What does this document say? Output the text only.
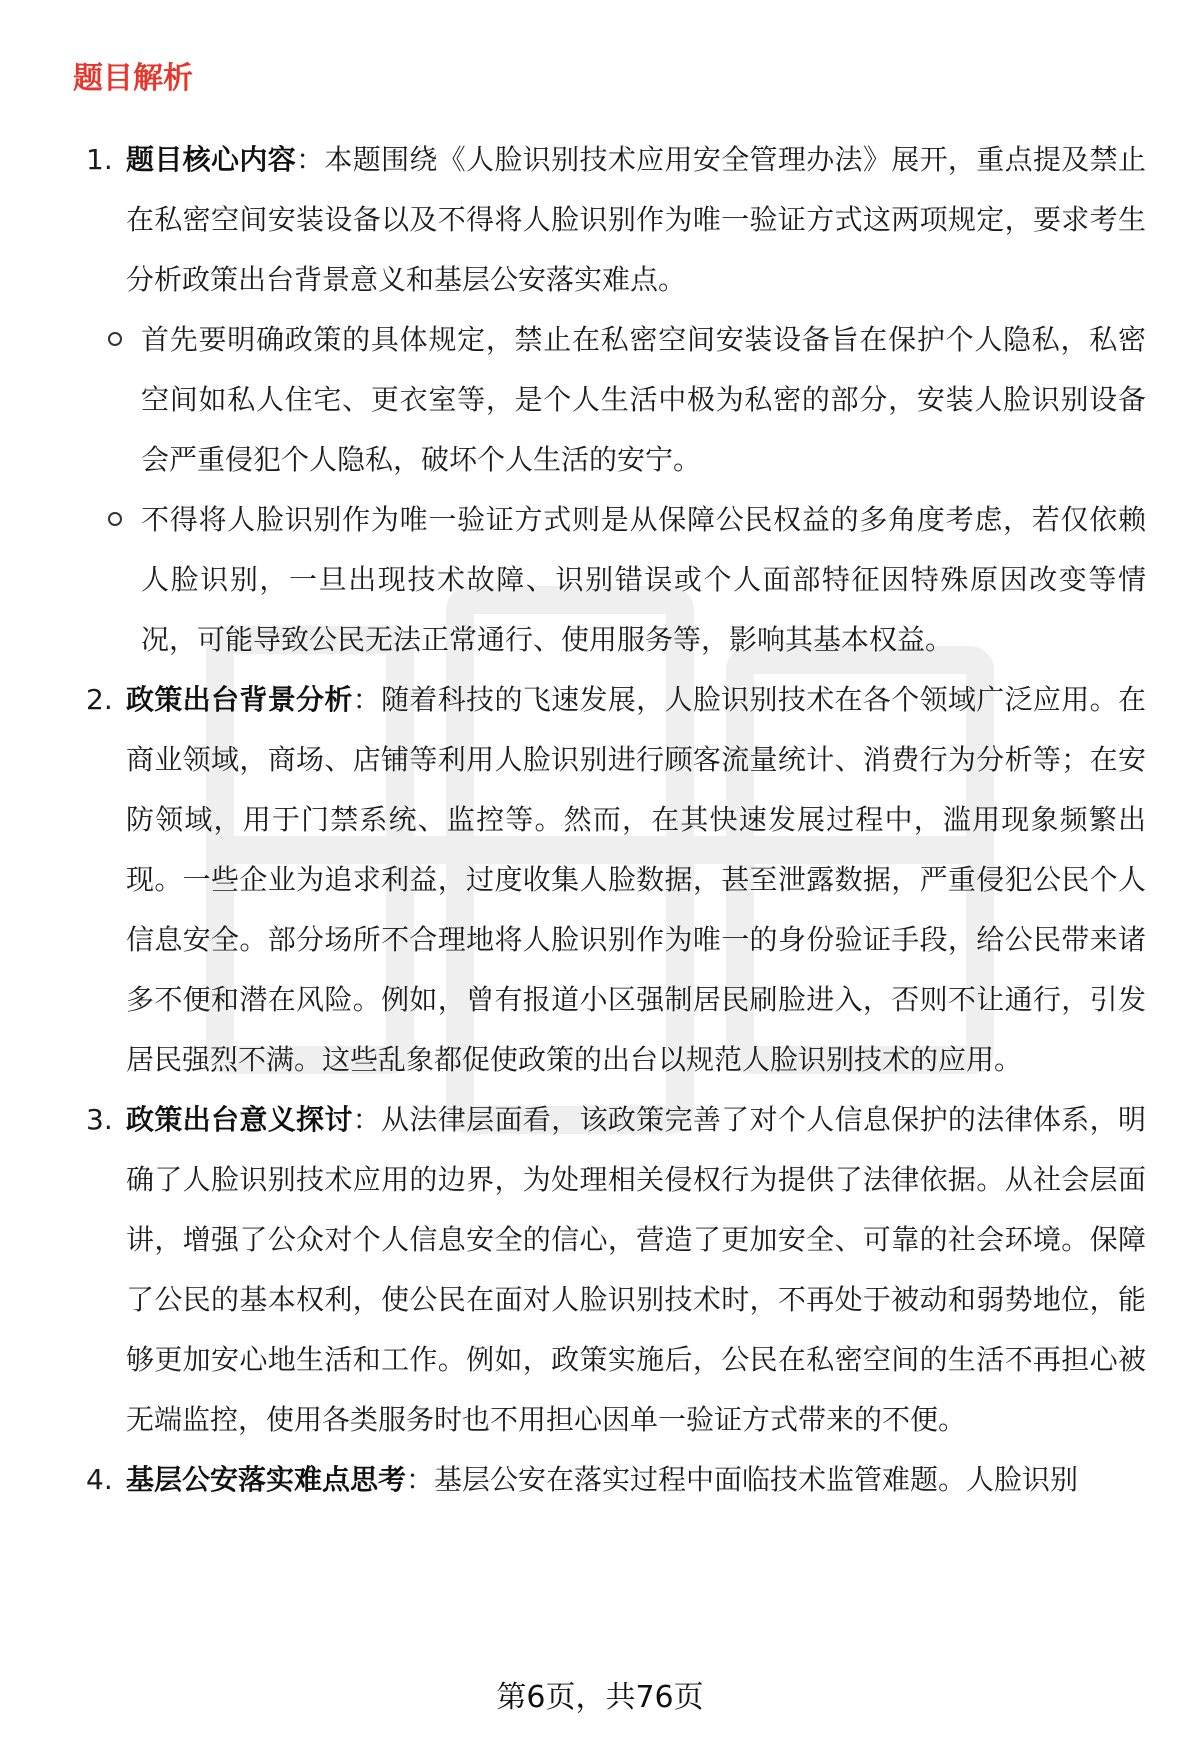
题目解析
1. 题目核心内容：本题围绕《人脸识别技术应用安全管理办法》展开，重点提及禁止在私密空间安装设备以及不得将人脸识别作为唯一验证方式这两项规定，要求考生分析政策出台背景意义和基层公安落实难点。
首先要明确政策的具体规定，禁止在私密空间安装设备旨在保护个人隐私，私密空间如私人住宅、更衣室等，是个人生活中极为私密的部分，安装人脸识别设备会严重侵犯个人隐私，破坏个人生活的安宁。
不得将人脸识别作为唯一验证方式则是从保障公民权益的多角度考虑，若仅依赖人脸识别，一旦出现技术故障、识别错误或个人面部特征因特殊原因改变等情况，可能导致公民无法正常通行、使用服务等，影响其基本权益。
2. 政策出台背景分析：随着科技的飞速发展，人脸识别技术在各个领域广泛应用。在商业领域，商场、店铺等利用人脸识别进行顾客流量统计、消费行为分析等；在安防领域，用于门禁系统、监控等。然而，在其快速发展过程中，滥用现象频繁出现。一些企业为追求利益，过度收集人脸数据，甚至泄露数据，严重侵犯公民个人信息安全。部分场所不合理地将人脸识别作为唯一的身份验证手段，给公民带来诸多不便和潜在风险。例如，曾有报道小区强制居民刷脸进入，否则不让通行，引发居民强烈不满。这些乱象都促使政策的出台以规范人脸识别技术的应用。
3. 政策出台意义探讨：从法律层面看，该政策完善了对个人信息保护的法律体系，明确了人脸识别技术应用的边界，为处理相关侵权行为提供了法律依据。从社会层面讲，增强了公众对个人信息安全的信心，营造了更加安全、可靠的社会环境。保障了公民的基本权利，使公民在面对人脸识别技术时，不再处于被动和弱势地位，能够更加安心地生活和工作。例如，政策实施后，公民在私密空间的生活不再担心被无端监控，使用各类服务时也不用担心因单一验证方式带来的不便。
4. 基层公安落实难点思考：基层公安在落实过程中面临技术监管难题。人脸识别
第6页，共76页
